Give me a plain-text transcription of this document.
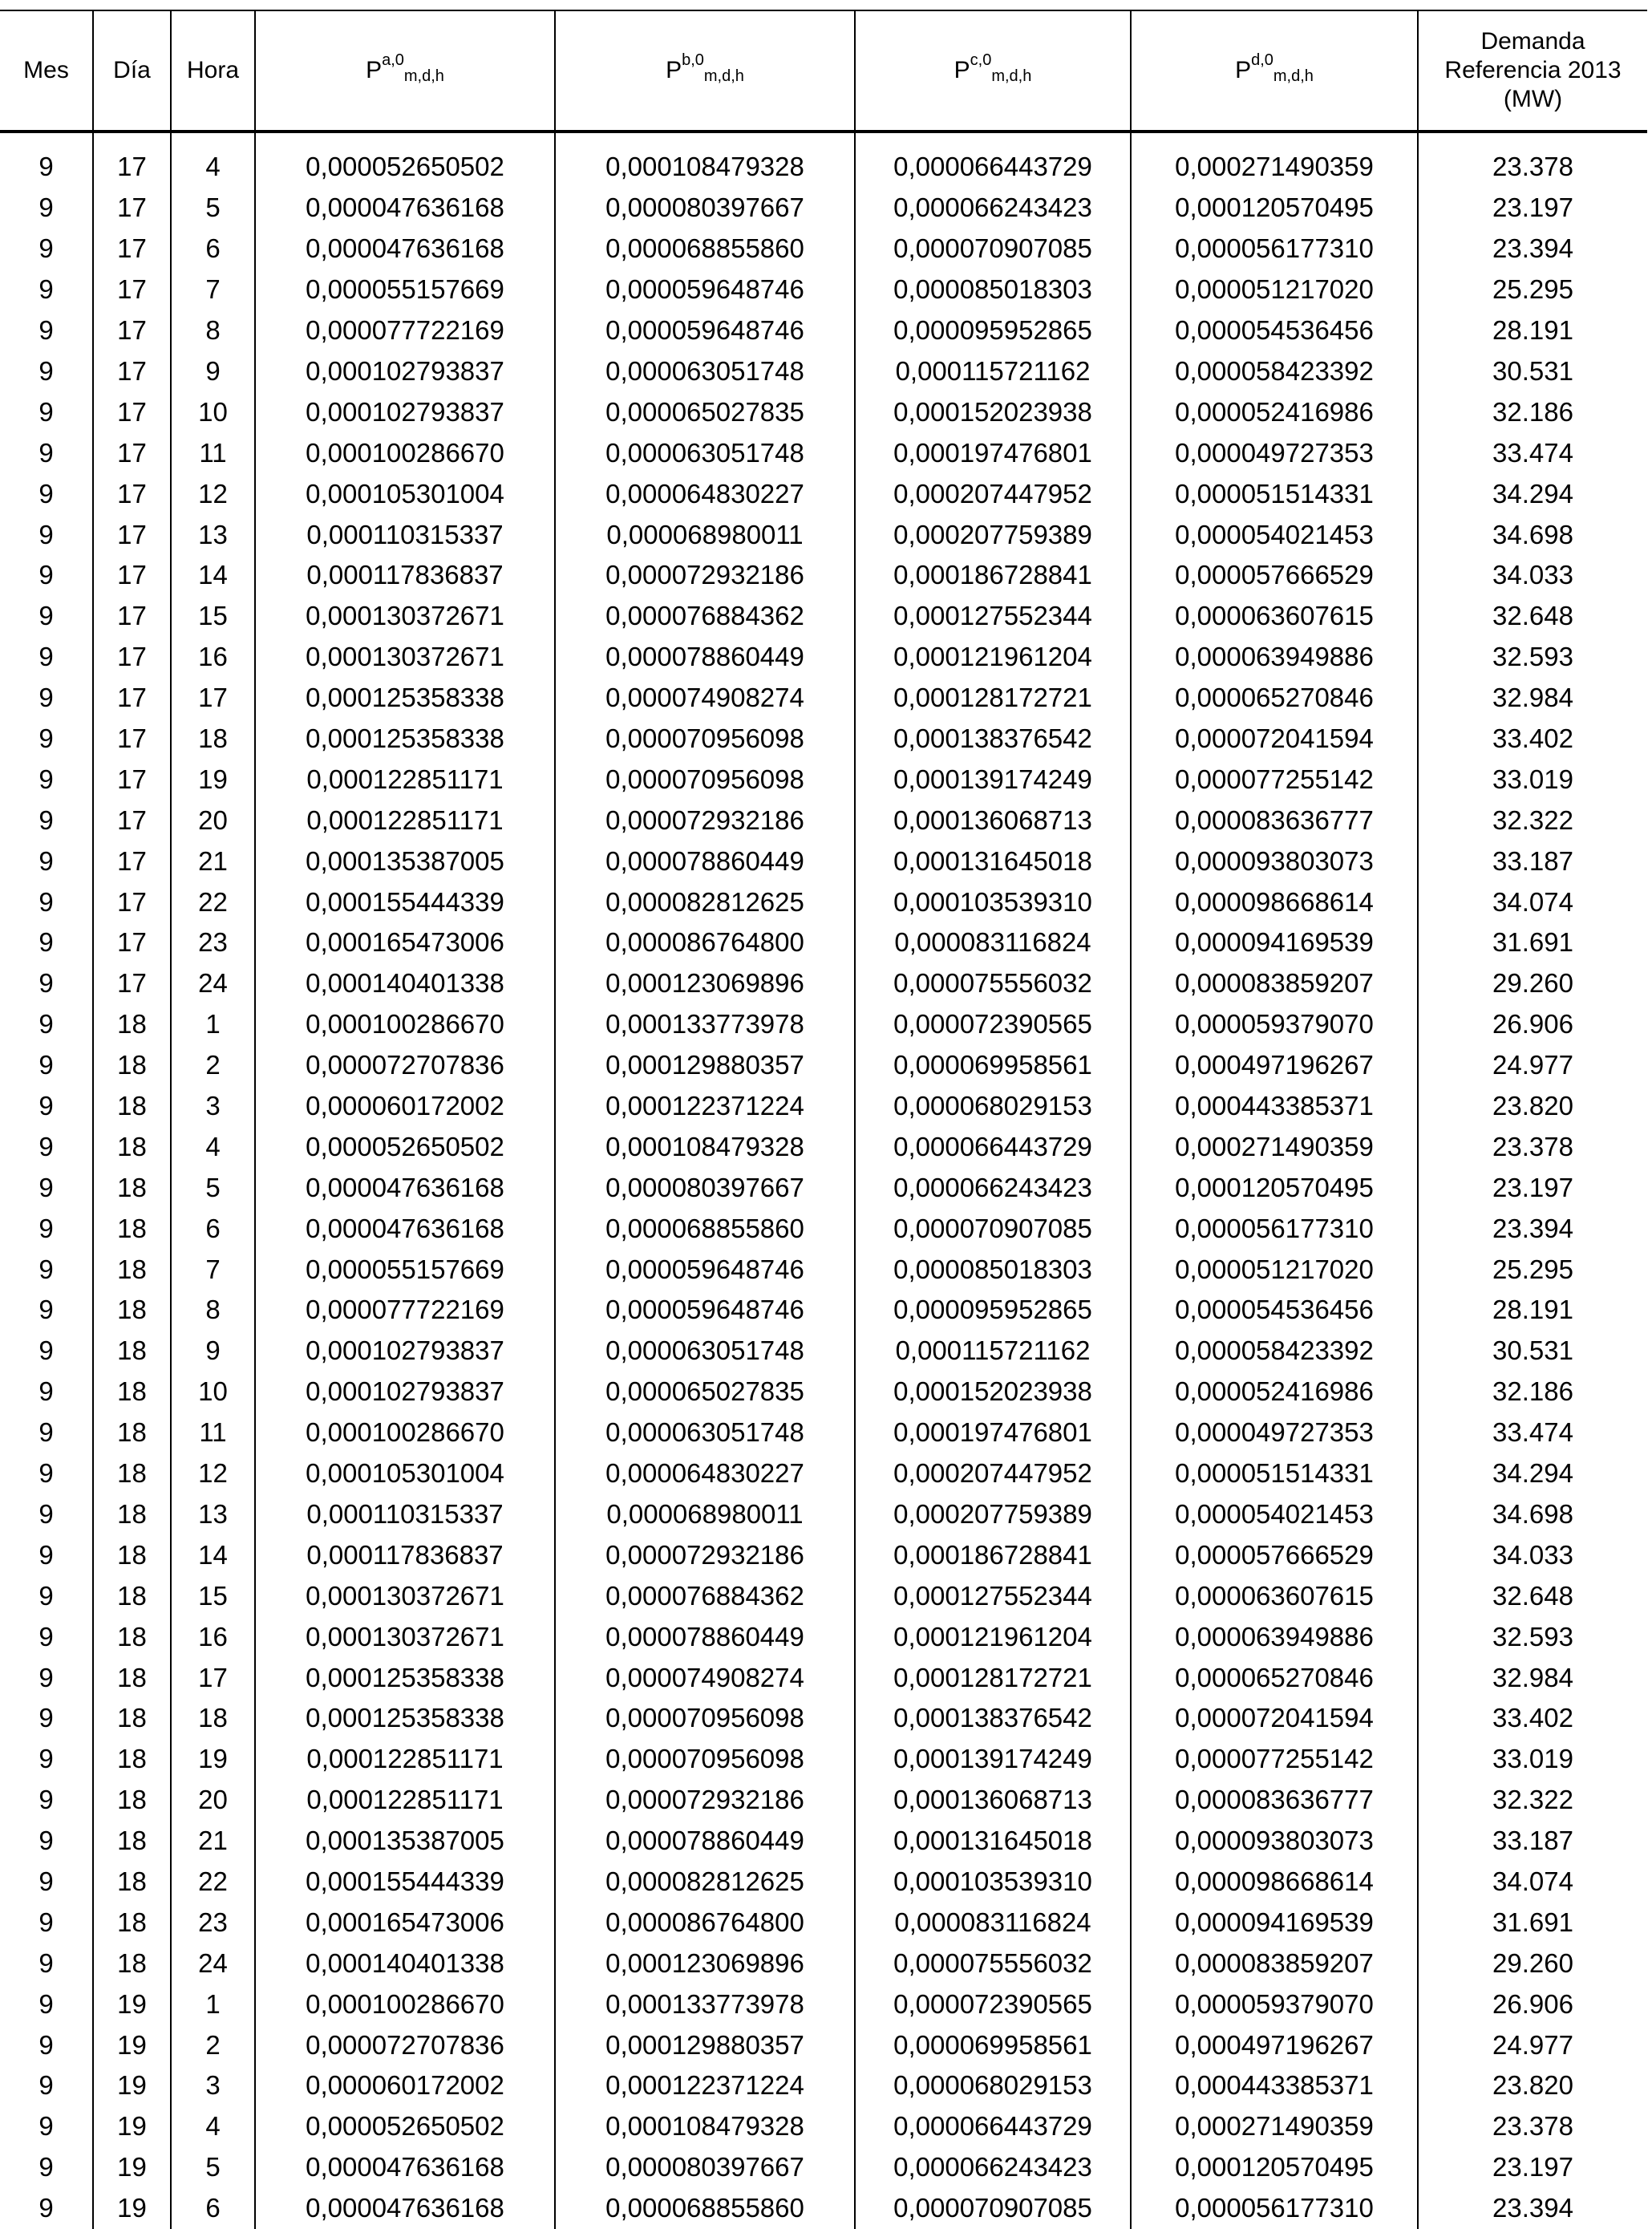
Mes	Día	Hora	P$^{a,0}_{m,d,h}$	P$^{b,0}_{m,d,h}$	P$^{c,0}_{m,d,h}$	P$^{d,0}_{m,d,h}$	Demanda
Referencia 2013
(MW)

9	17	4	0,000052650502	0,000108479328	0,000066443729	0,000271490359	23.378
9	17	5	0,000047636168	0,000080397667	0,000066243423	0,000120570495	23.197
9	17	6	0,000047636168	0,000068855860	0,000070907085	0,000056177310	23.394
9	17	7	0,000055157669	0,000059648746	0,000085018303	0,000051217020	25.295
9	17	8	0,000077722169	0,000059648746	0,000095952865	0,000054536456	28.191
9	17	9	0,000102793837	0,000063051748	0,000115721162	0,000058423392	30.531
9	17	10	0,000102793837	0,000065027835	0,000152023938	0,000052416986	32.186
9	17	11	0,000100286670	0,000063051748	0,000197476801	0,000049727353	33.474
9	17	12	0,000105301004	0,000064830227	0,000207447952	0,000051514331	34.294
9	17	13	0,000110315337	0,000068980011	0,000207759389	0,000054021453	34.698
9	17	14	0,000117836837	0,000072932186	0,000186728841	0,000057666529	34.033
9	17	15	0,000130372671	0,000076884362	0,000127552344	0,000063607615	32.648
9	17	16	0,000130372671	0,000078860449	0,000121961204	0,000063949886	32.593
9	17	17	0,000125358338	0,000074908274	0,000128172721	0,000065270846	32.984
9	17	18	0,000125358338	0,000070956098	0,000138376542	0,000072041594	33.402
9	17	19	0,000122851171	0,000070956098	0,000139174249	0,000077255142	33.019
9	17	20	0,000122851171	0,000072932186	0,000136068713	0,000083636777	32.322
9	17	21	0,000135387005	0,000078860449	0,000131645018	0,000093803073	33.187
9	17	22	0,000155444339	0,000082812625	0,000103539310	0,000098668614	34.074
9	17	23	0,000165473006	0,000086764800	0,000083116824	0,000094169539	31.691
9	17	24	0,000140401338	0,000123069896	0,000075556032	0,000083859207	29.260
9	18	1	0,000100286670	0,000133773978	0,000072390565	0,000059379070	26.906
9	18	2	0,000072707836	0,000129880357	0,000069958561	0,000497196267	24.977
9	18	3	0,000060172002	0,000122371224	0,000068029153	0,000443385371	23.820
9	18	4	0,000052650502	0,000108479328	0,000066443729	0,000271490359	23.378
9	18	5	0,000047636168	0,000080397667	0,000066243423	0,000120570495	23.197
9	18	6	0,000047636168	0,000068855860	0,000070907085	0,000056177310	23.394
9	18	7	0,000055157669	0,000059648746	0,000085018303	0,000051217020	25.295
9	18	8	0,000077722169	0,000059648746	0,000095952865	0,000054536456	28.191
9	18	9	0,000102793837	0,000063051748	0,000115721162	0,000058423392	30.531
9	18	10	0,000102793837	0,000065027835	0,000152023938	0,000052416986	32.186
9	18	11	0,000100286670	0,000063051748	0,000197476801	0,000049727353	33.474
9	18	12	0,000105301004	0,000064830227	0,000207447952	0,000051514331	34.294
9	18	13	0,000110315337	0,000068980011	0,000207759389	0,000054021453	34.698
9	18	14	0,000117836837	0,000072932186	0,000186728841	0,000057666529	34.033
9	18	15	0,000130372671	0,000076884362	0,000127552344	0,000063607615	32.648
9	18	16	0,000130372671	0,000078860449	0,000121961204	0,000063949886	32.593
9	18	17	0,000125358338	0,000074908274	0,000128172721	0,000065270846	32.984
9	18	18	0,000125358338	0,000070956098	0,000138376542	0,000072041594	33.402
9	18	19	0,000122851171	0,000070956098	0,000139174249	0,000077255142	33.019
9	18	20	0,000122851171	0,000072932186	0,000136068713	0,000083636777	32.322
9	18	21	0,000135387005	0,000078860449	0,000131645018	0,000093803073	33.187
9	18	22	0,000155444339	0,000082812625	0,000103539310	0,000098668614	34.074
9	18	23	0,000165473006	0,000086764800	0,000083116824	0,000094169539	31.691
9	18	24	0,000140401338	0,000123069896	0,000075556032	0,000083859207	29.260
9	19	1	0,000100286670	0,000133773978	0,000072390565	0,000059379070	26.906
9	19	2	0,000072707836	0,000129880357	0,000069958561	0,000497196267	24.977
9	19	3	0,000060172002	0,000122371224	0,000068029153	0,000443385371	23.820
9	19	4	0,000052650502	0,000108479328	0,000066443729	0,000271490359	23.378
9	19	5	0,000047636168	0,000080397667	0,000066243423	0,000120570495	23.197
9	19	6	0,000047636168	0,000068855860	0,000070907085	0,000056177310	23.394
